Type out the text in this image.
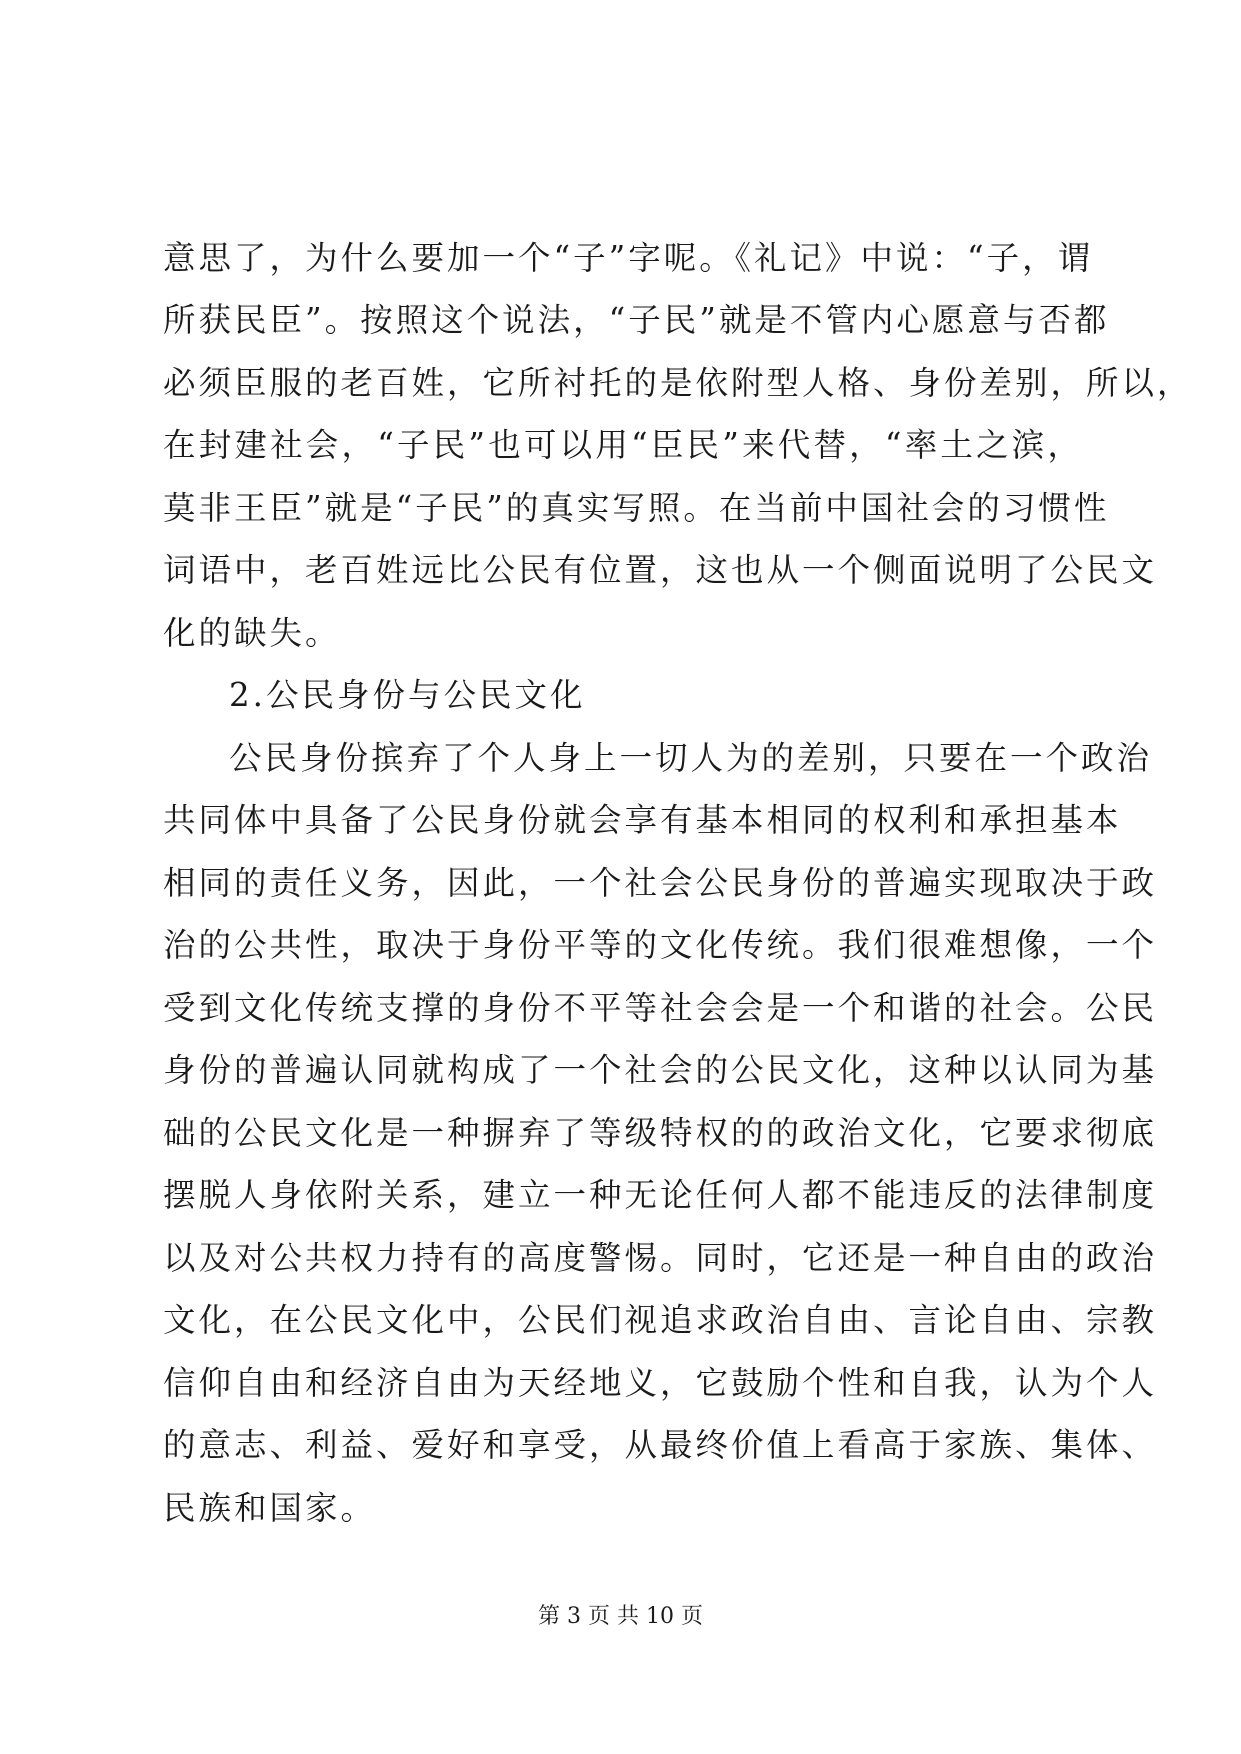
意思了，为什么要加一个“子”字呢。《礼记》中说：“子，谓
所获民臣”。按照这个说法，“子民”就是不管内心愿意与否都
必须臣服的老百姓，它所衬托的是依附型人格、身份差别，所以，
在封建社会，“子民”也可以用“臣民”来代替，“率土之滨，
莫非王臣”就是“子民”的真实写照。在当前中国社会的习惯性
词语中，老百姓远比公民有位置，这也从一个侧面说明了公民文
化的缺失。
2.公民身份与公民文化
公民身份摈弃了个人身上一切人为的差别，只要在一个政治
共同体中具备了公民身份就会享有基本相同的权利和承担基本
相同的责任义务，因此，一个社会公民身份的普遍实现取决于政
治的公共性，取决于身份平等的文化传统。我们很难想像，一个
受到文化传统支撑的身份不平等社会会是一个和谐的社会。公民
身份的普遍认同就构成了一个社会的公民文化，这种以认同为基
础的公民文化是一种摒弃了等级特权的的政治文化，它要求彻底
摆脱人身依附关系，建立一种无论任何人都不能违反的法律制度
以及对公共权力持有的高度警惕。同时，它还是一种自由的政治
文化，在公民文化中，公民们视追求政治自由、言论自由、宗教
信仰自由和经济自由为天经地义，它鼓励个性和自我，认为个人
的意志、利益、爱好和享受，从最终价值上看高于家族、集体、
民族和国家。
第 3 页 共 10 页
